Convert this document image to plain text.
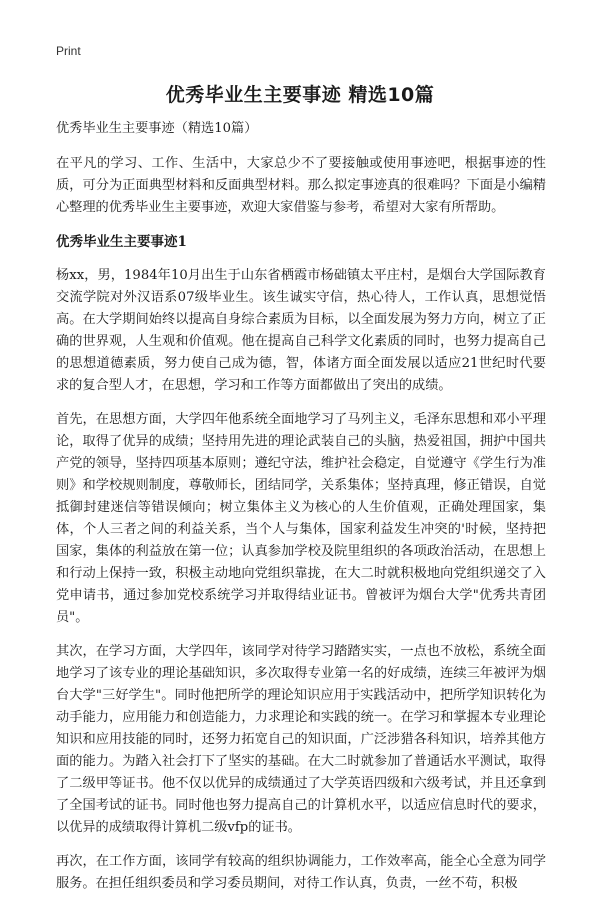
Print
优秀毕业生主要事迹 精选10篇

优秀毕业生主要事迹（精选10篇）

在平凡的学习、工作、生活中，大家总少不了要接触或使用事迹吧，根据事迹的性质，可分为正面典型材料和反面典型材料。那么拟定事迹真的很难吗？下面是小编精心整理的优秀毕业生主要事迹，欢迎大家借鉴与参考，希望对大家有所帮助。

优秀毕业生主要事迹1

杨xx，男，1984年10月出生于山东省栖霞市杨础镇太平庄村，是烟台大学国际教育交流学院对外汉语系07级毕业生。该生诚实守信，热心待人，工作认真，思想觉悟高。在大学期间始终以提高自身综合素质为目标，以全面发展为努力方向，树立了正确的世界观，人生观和价值观。他在提高自己科学文化素质的同时，也努力提高自己的思想道德素质，努力使自己成为德，智，体诸方面全面发展以适应21世纪时代要求的复合型人才，在思想，学习和工作等方面都做出了突出的成绩。

首先，在思想方面，大学四年他系统全面地学习了马列主义，毛泽东思想和邓小平理论，取得了优异的成绩；坚持用先进的理论武装自己的头脑，热爱祖国，拥护中国共产党的领导，坚持四项基本原则；遵纪守法，维护社会稳定，自觉遵守《学生行为准则》和学校规则制度，尊敬师长，团结同学，关系集体；坚持真理，修正错误，自觉抵御封建迷信等错误倾向；树立集体主义为核心的人生价值观，正确处理国家，集体，个人三者之间的利益关系，当个人与集体，国家利益发生冲突的'时候，坚持把国家，集体的利益放在第一位；认真参加学校及院里组织的各项政治活动，在思想上和行动上保持一致，积极主动地向党组织靠拢，在大二时就积极地向党组织递交了入党申请书，通过参加党校系统学习并取得结业证书。曾被评为烟台大学"优秀共青团员"。

其次，在学习方面，大学四年，该同学对待学习踏踏实实，一点也不放松，系统全面地学习了该专业的理论基础知识，多次取得专业第一名的好成绩，连续三年被评为烟台大学"三好学生"。同时他把所学的理论知识应用于实践活动中，把所学知识转化为动手能力，应用能力和创造能力，力求理论和实践的统一。在学习和掌握本专业理论知识和应用技能的同时，还努力拓宽自己的知识面，广泛涉猎各科知识，培养其他方面的能力。为踏入社会打下了坚实的基础。在大二时就参加了普通话水平测试，取得了二级甲等证书。他不仅以优异的成绩通过了大学英语四级和六级考试，并且还拿到了全国考试的证书。同时他也努力提高自己的计算机水平，以适应信息时代的要求，以优异的成绩取得计算机二级vfp的证书。

再次，在工作方面，该同学有较高的组织协调能力，工作效率高，能全心全意为同学服务。在担任组织委员和学习委员期间，对待工作认真，负责，一丝不苟，积极
